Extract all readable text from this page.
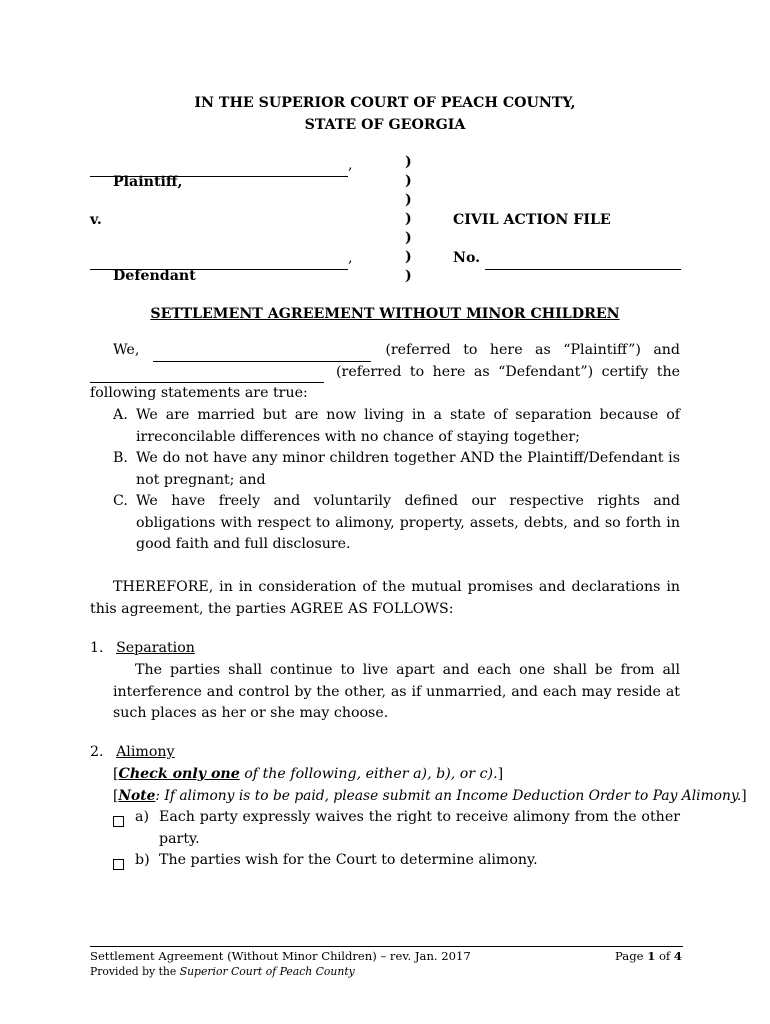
IN THE SUPERIOR COURT OF PEACH COUNTY,
STATE OF GEORGIA
,
Plaintiff,
v.
,
Defendant
)
)
)
)
)
)
)
CIVIL ACTION FILE
No.
SETTLEMENT AGREEMENT WITHOUT MINOR CHILDREN
We,	(referred to here as “Plaintiff”) and
(referred to here as “Defendant”) certify the
following statements are true:
A. We are married but are now living in a state of separation because of irreconcilable differences with no chance of staying together;
B. We do not have any minor children together AND the Plaintiff/Defendant is not pregnant; and
C. We have freely and voluntarily defined our respective rights and obligations with respect to alimony, property, assets, debts, and so forth in good faith and full disclosure.
THEREFORE, in in consideration of the mutual promises and declarations in this agreement, the parties AGREE AS FOLLOWS:
1. Separation
The parties shall continue to live apart and each one shall be from all interference and control by the other, as if unmarried, and each may reside at such places as her or she may choose.
2. Alimony
[Check only one of the following, either a), b), or c).]
[Note: If alimony is to be paid, please submit an Income Deduction Order to Pay Alimony.]
a) Each party expressly waives the right to receive alimony from the other party.
b) The parties wish for the Court to determine alimony.
Settlement Agreement (Without Minor Children) – rev. Jan. 2017
Provided by the Superior Court of Peach County
Page 1 of 4
